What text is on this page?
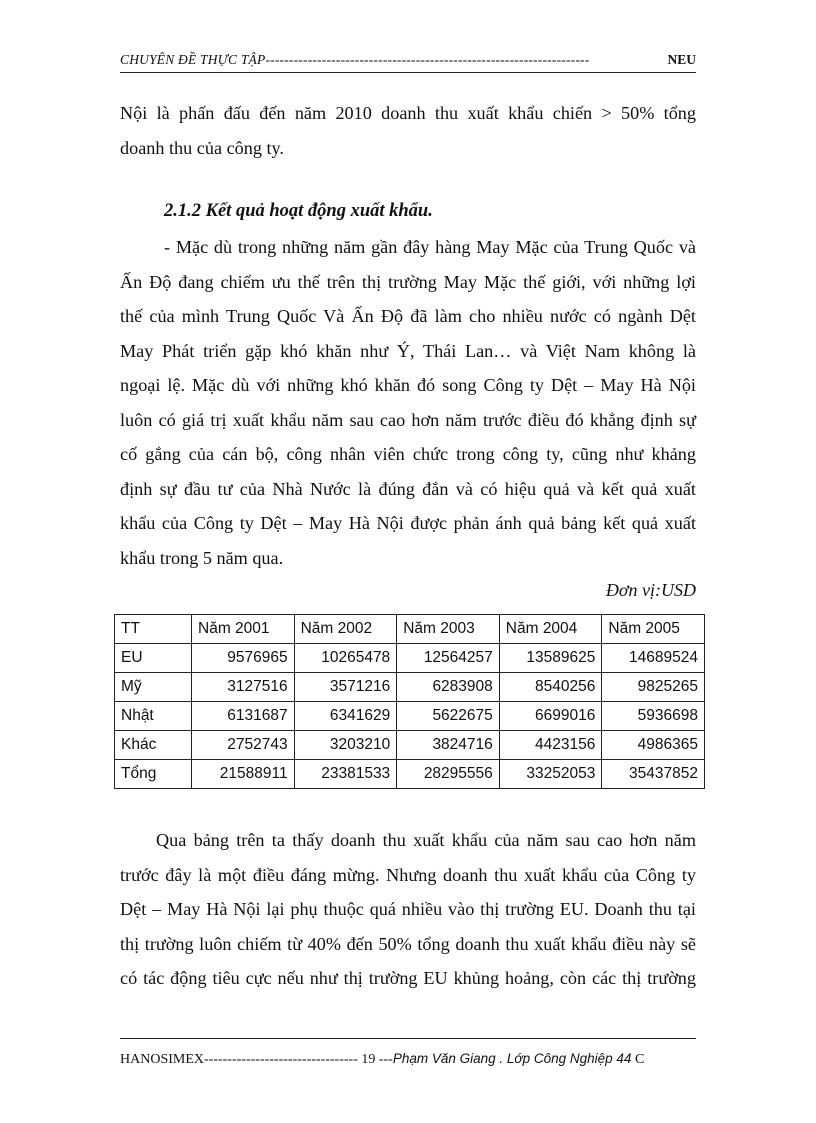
CHUYÊN ĐỀ THỰC TẬP---------------------------------------------------------------------	NEU
Nội là phấn đấu đến năm 2010 doanh thu xuất khẩu chiến > 50% tổng
doanh thu của công ty.
2.1.2 Kết quả hoạt động xuất khẩu.
- Mặc dù trong những năm gần đây hàng May Mặc của Trung Quốc và
Ấn Độ đang chiếm ưu thế trên thị trường May Mặc thế giới, với những lợi
thế của mình Trung Quốc Và Ấn Độ đã làm cho nhiều nước có ngành Dệt
May Phát triển gặp khó khăn như Ý, Thái Lan… và Việt Nam không là
ngoại lệ. Mặc dù với những khó khăn đó song Công ty Dệt – May Hà Nội
luôn có giá trị xuất khẩu năm sau cao hơn năm trước điều đó khẳng định sự
cố gắng của cán bộ, công nhân viên chức trong công ty, cũng như khảng
định sự đầu tư của Nhà Nước là đúng đắn và có hiệu quả và kết quả xuất
khẩu của Công ty Dệt – May Hà Nội được phản ánh quả bảng kết quả xuất
khẩu trong 5 năm qua.
Đơn vị:USD
TT	Năm 2001	Năm 2002	Năm 2003	Năm 2004	Năm 2005
EU	9576965	10265478	12564257	13589625	14689524
Mỹ	3127516	3571216	6283908	8540256	9825265
Nhật	6131687	6341629	5622675	6699016	5936698
Khác	2752743	3203210	3824716	4423156	4986365
Tổng	21588911	23381533	28295556	33252053	35437852
Qua bảng trên ta thấy doanh thu xuất khẩu của năm sau cao hơn năm
trước đây là một điều đáng mừng. Nhưng doanh thu xuất khẩu của Công ty
Dệt – May Hà Nội lại phụ thuộc quá nhiều vào thị trường EU. Doanh thu tại
thị trường luôn chiếm từ 40% đến 50% tổng doanh thu xuất khẩu điều này sẽ
có tác động tiêu cực nếu như thị trường EU khủng hoảng, còn các thị trường
HANOSIMEX--------------------------------- 19 ---Phạm Văn Giang . Lớp Công Nghiệp 44 C
